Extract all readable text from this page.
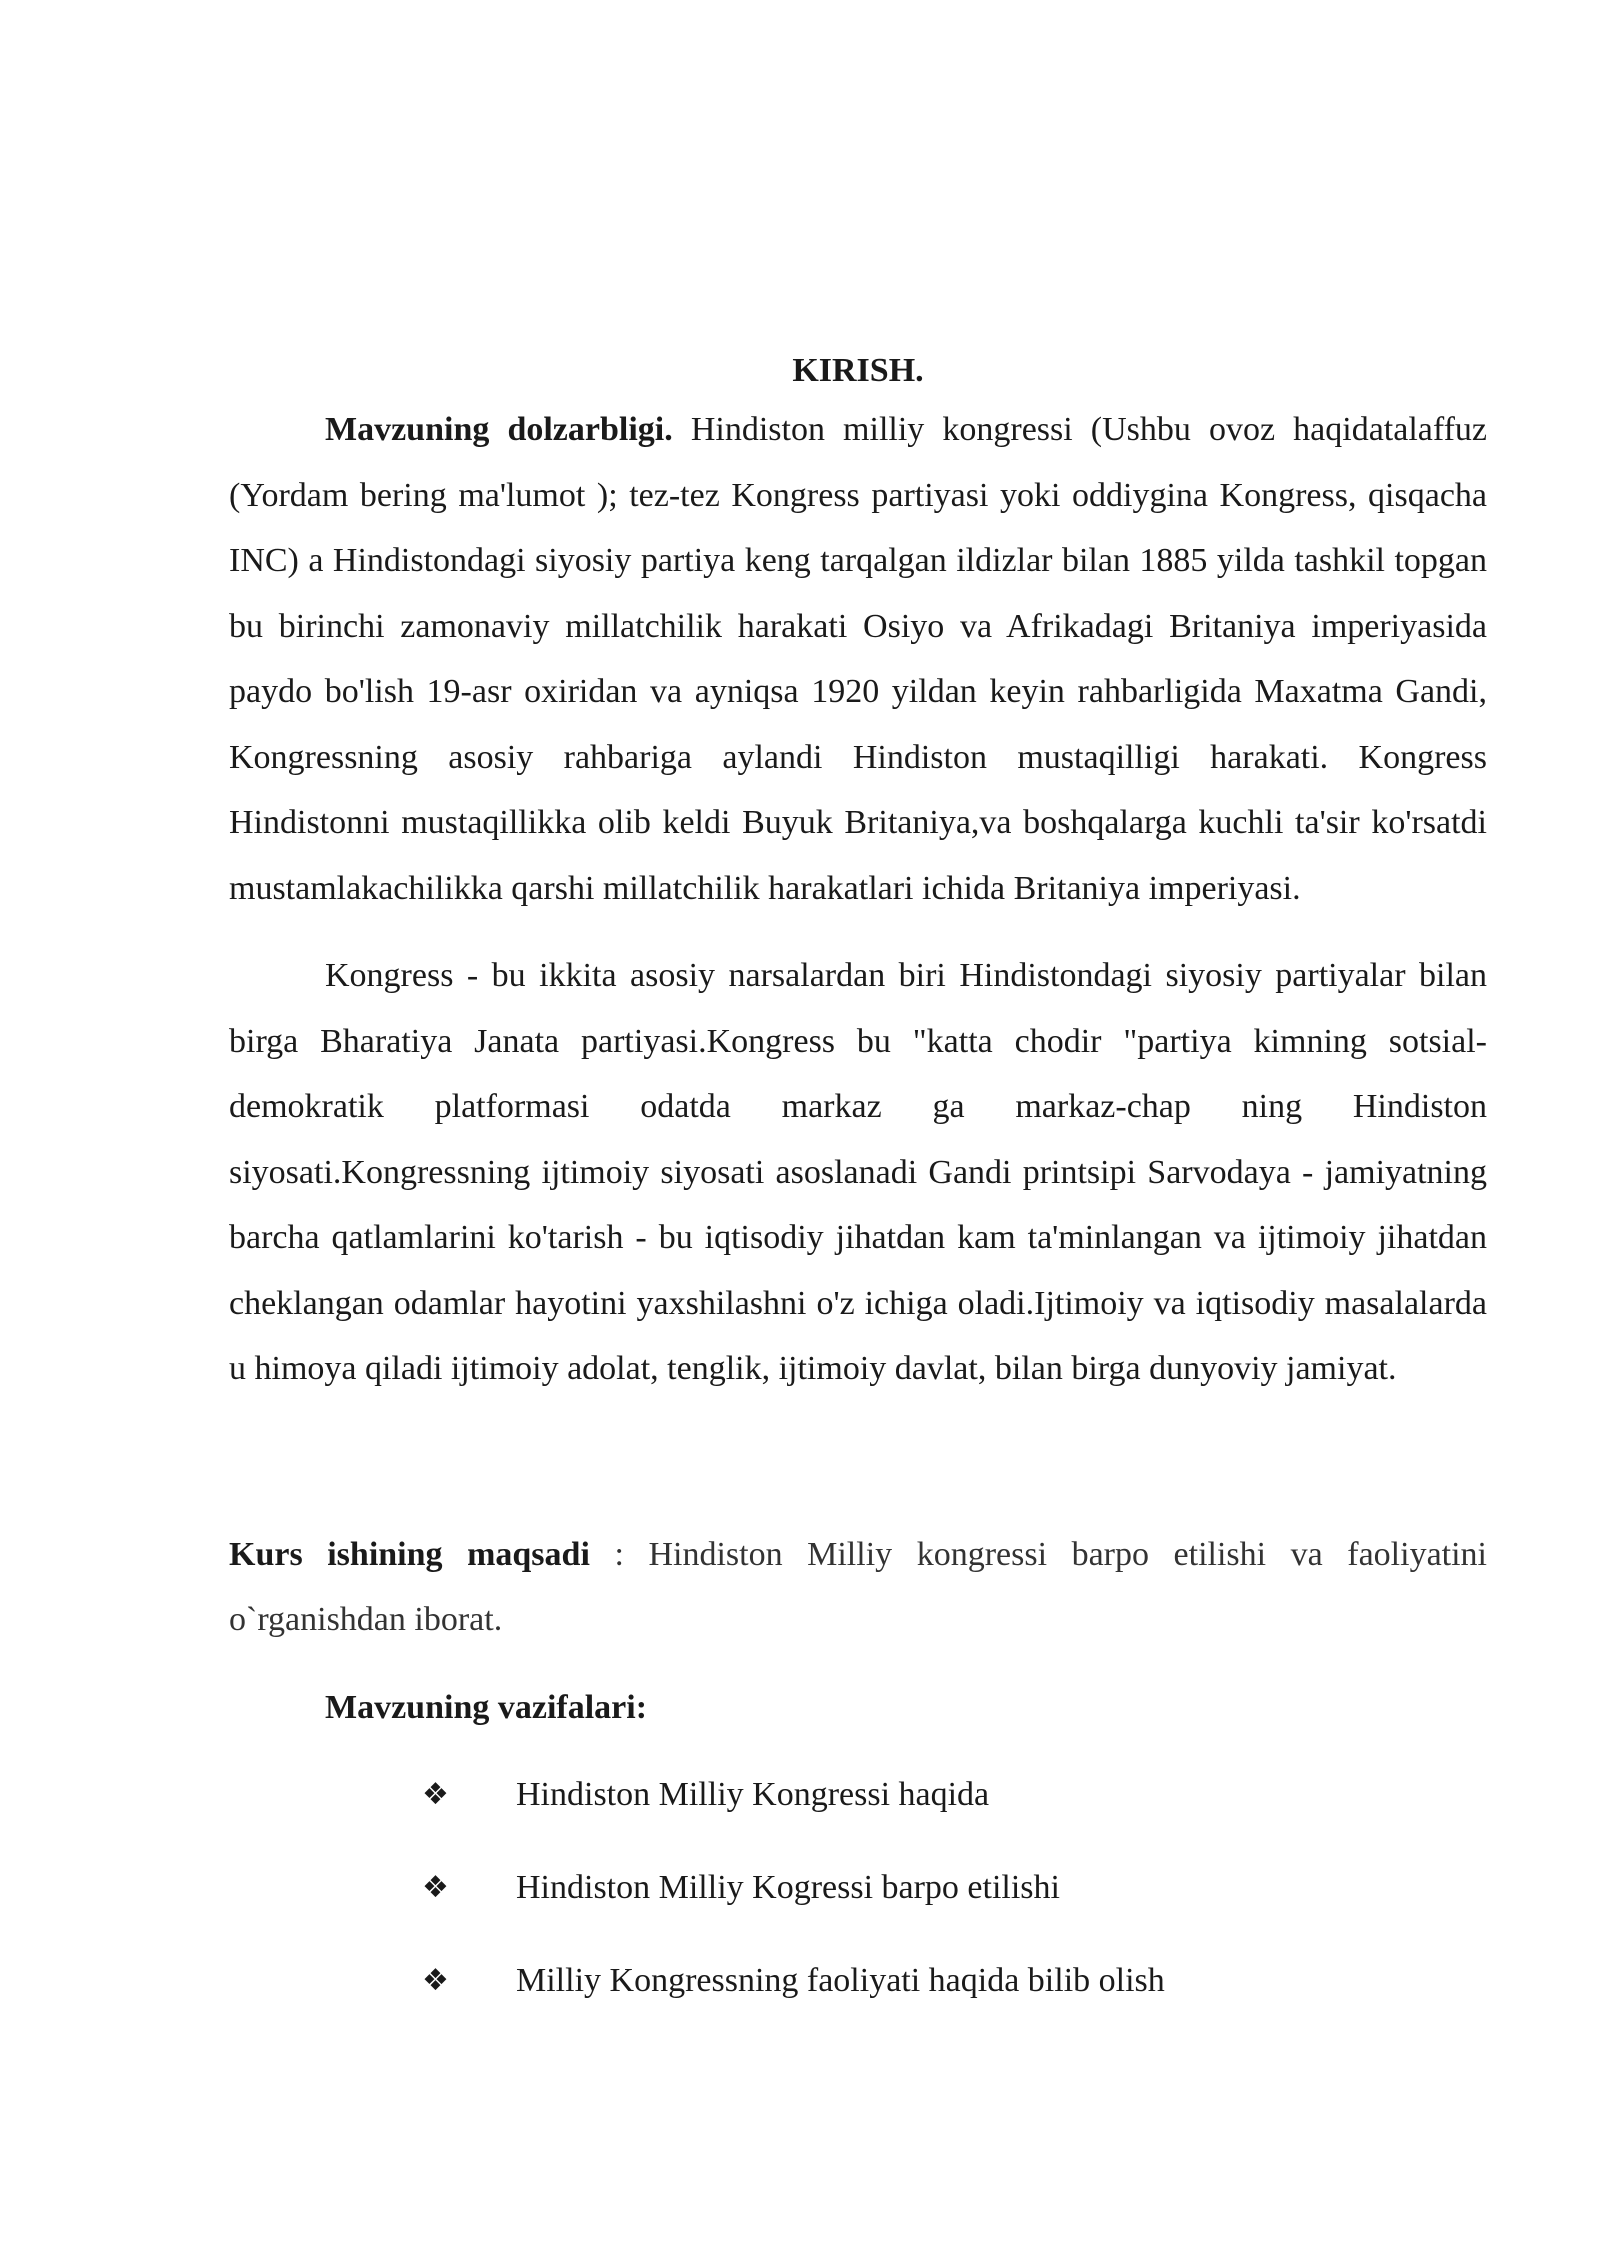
KIRISH.

Mavzuning dolzarbligi. Hindiston milliy kongressi (Ushbu ovoz haqidatalaffuz (Yordam bering ma'lumot ); tez-tez Kongress partiyasi yoki oddiygina Kongress, qisqacha INC) a Hindistondagi siyosiy partiya keng tarqalgan ildizlar bilan 1885 yilda tashkil topgan bu birinchi zamonaviy millatchilik harakati Osiyo va Afrikadagi Britaniya imperiyasida paydo bo'lish 19-asr oxiridan va ayniqsa 1920 yildan keyin rahbarligida Maxatma Gandi, Kongressning asosiy rahbariga aylandi Hindiston mustaqilligi harakati. Kongress Hindistonni mustaqillikka olib keldi Buyuk Britaniya,va boshqalarga kuchli ta'sir ko'rsatdi mustamlakachilikka qarshi millatchilik harakatlari ichida Britaniya imperiyasi.

Kongress - bu ikkita asosiy narsalardan biri Hindistondagi siyosiy partiyalar bilan birga Bharatiya Janata partiyasi.Kongress bu "katta chodir "partiya kimning sotsial-demokratik platformasi odatda markaz ga markaz-chap ning Hindiston siyosati.Kongressning ijtimoiy siyosati asoslanadi Gandi printsipi Sarvodaya - jamiyatning barcha qatlamlarini ko'tarish - bu iqtisodiy jihatdan kam ta'minlangan va ijtimoiy jihatdan cheklangan odamlar hayotini yaxshilashni o'z ichiga oladi.Ijtimoiy va iqtisodiy masalalarda u himoya qiladi ijtimoiy adolat, tenglik, ijtimoiy davlat, bilan birga dunyoviy jamiyat.

Kurs ishining maqsadi : Hindiston Milliy kongressi barpo etilishi va faoliyatini o`rganishdan iborat.

Mavzuning vazifalari:

❖ Hindiston Milliy Kongressi haqida
❖ Hindiston Milliy Kogressi barpo etilishi
❖ Milliy Kongressning faoliyati haqida bilib olish
